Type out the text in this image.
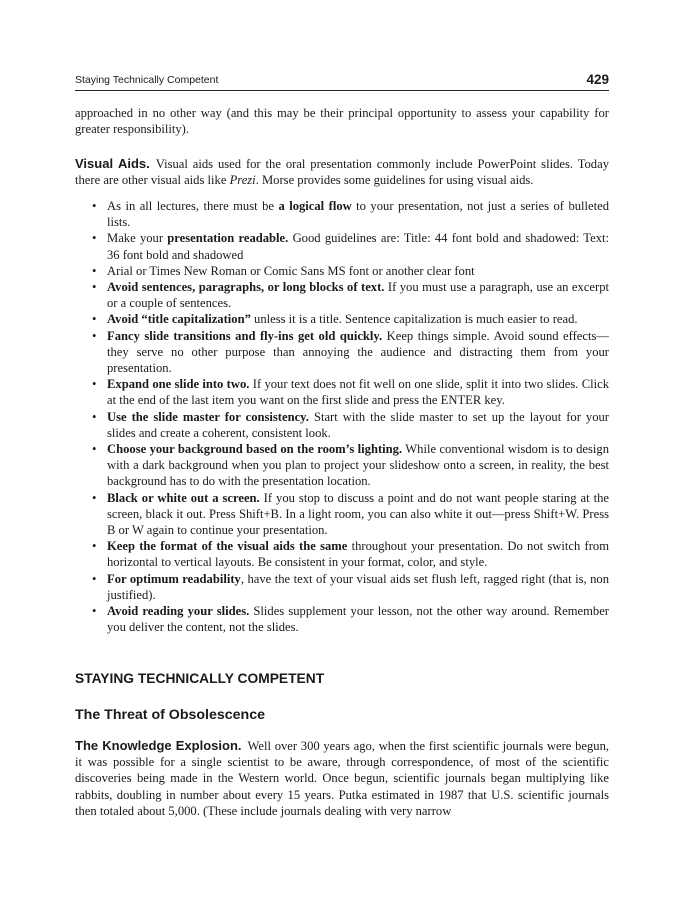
Staying Technically Competent	429

approached in no other way (and this may be their principal opportunity to assess your capability for greater responsibility).

Visual Aids. Visual aids used for the oral presentation commonly include PowerPoint slides. Today there are other visual aids like Prezi. Morse provides some guidelines for using visual aids.

• As in all lectures, there must be a logical flow to your presentation, not just a series of bulleted lists.
• Make your presentation readable. Good guidelines are: Title: 44 font bold and shadowed: Text: 36 font bold and shadowed
• Arial or Times New Roman or Comic Sans MS font or another clear font
• Avoid sentences, paragraphs, or long blocks of text. If you must use a paragraph, use an excerpt or a couple of sentences.
• Avoid “title capitalization” unless it is a title. Sentence capitalization is much easier to read.
• Fancy slide transitions and fly-ins get old quickly. Keep things simple. Avoid sound effects—they serve no other purpose than annoying the audience and distracting them from your presentation.
• Expand one slide into two. If your text does not fit well on one slide, split it into two slides. Click at the end of the last item you want on the first slide and press the ENTER key.
• Use the slide master for consistency. Start with the slide master to set up the layout for your slides and create a coherent, consistent look.
• Choose your background based on the room’s lighting. While conventional wisdom is to design with a dark background when you plan to project your slideshow onto a screen, in reality, the best background has to do with the presentation location.
• Black or white out a screen. If you stop to discuss a point and do not want people staring at the screen, black it out. Press Shift+B. In a light room, you can also white it out—press Shift+W. Press B or W again to continue your presentation.
• Keep the format of the visual aids the same throughout your presentation. Do not switch from horizontal to vertical layouts. Be consistent in your format, color, and style.
• For optimum readability, have the text of your visual aids set flush left, ragged right (that is, non justified).
• Avoid reading your slides. Slides supplement your lesson, not the other way around. Remember you deliver the content, not the slides.
STAYING TECHNICALLY COMPETENT
The Threat of Obsolescence

The Knowledge Explosion. Well over 300 years ago, when the first scientific journals were begun, it was possible for a single scientist to be aware, through correspondence, of most of the scientific discoveries being made in the Western world. Once begun, scientific journals began multiplying like rabbits, doubling in number about every 15 years. Putka estimated in 1987 that U.S. scientific journals then totaled about 5,000. (These include journals dealing with very narrow
